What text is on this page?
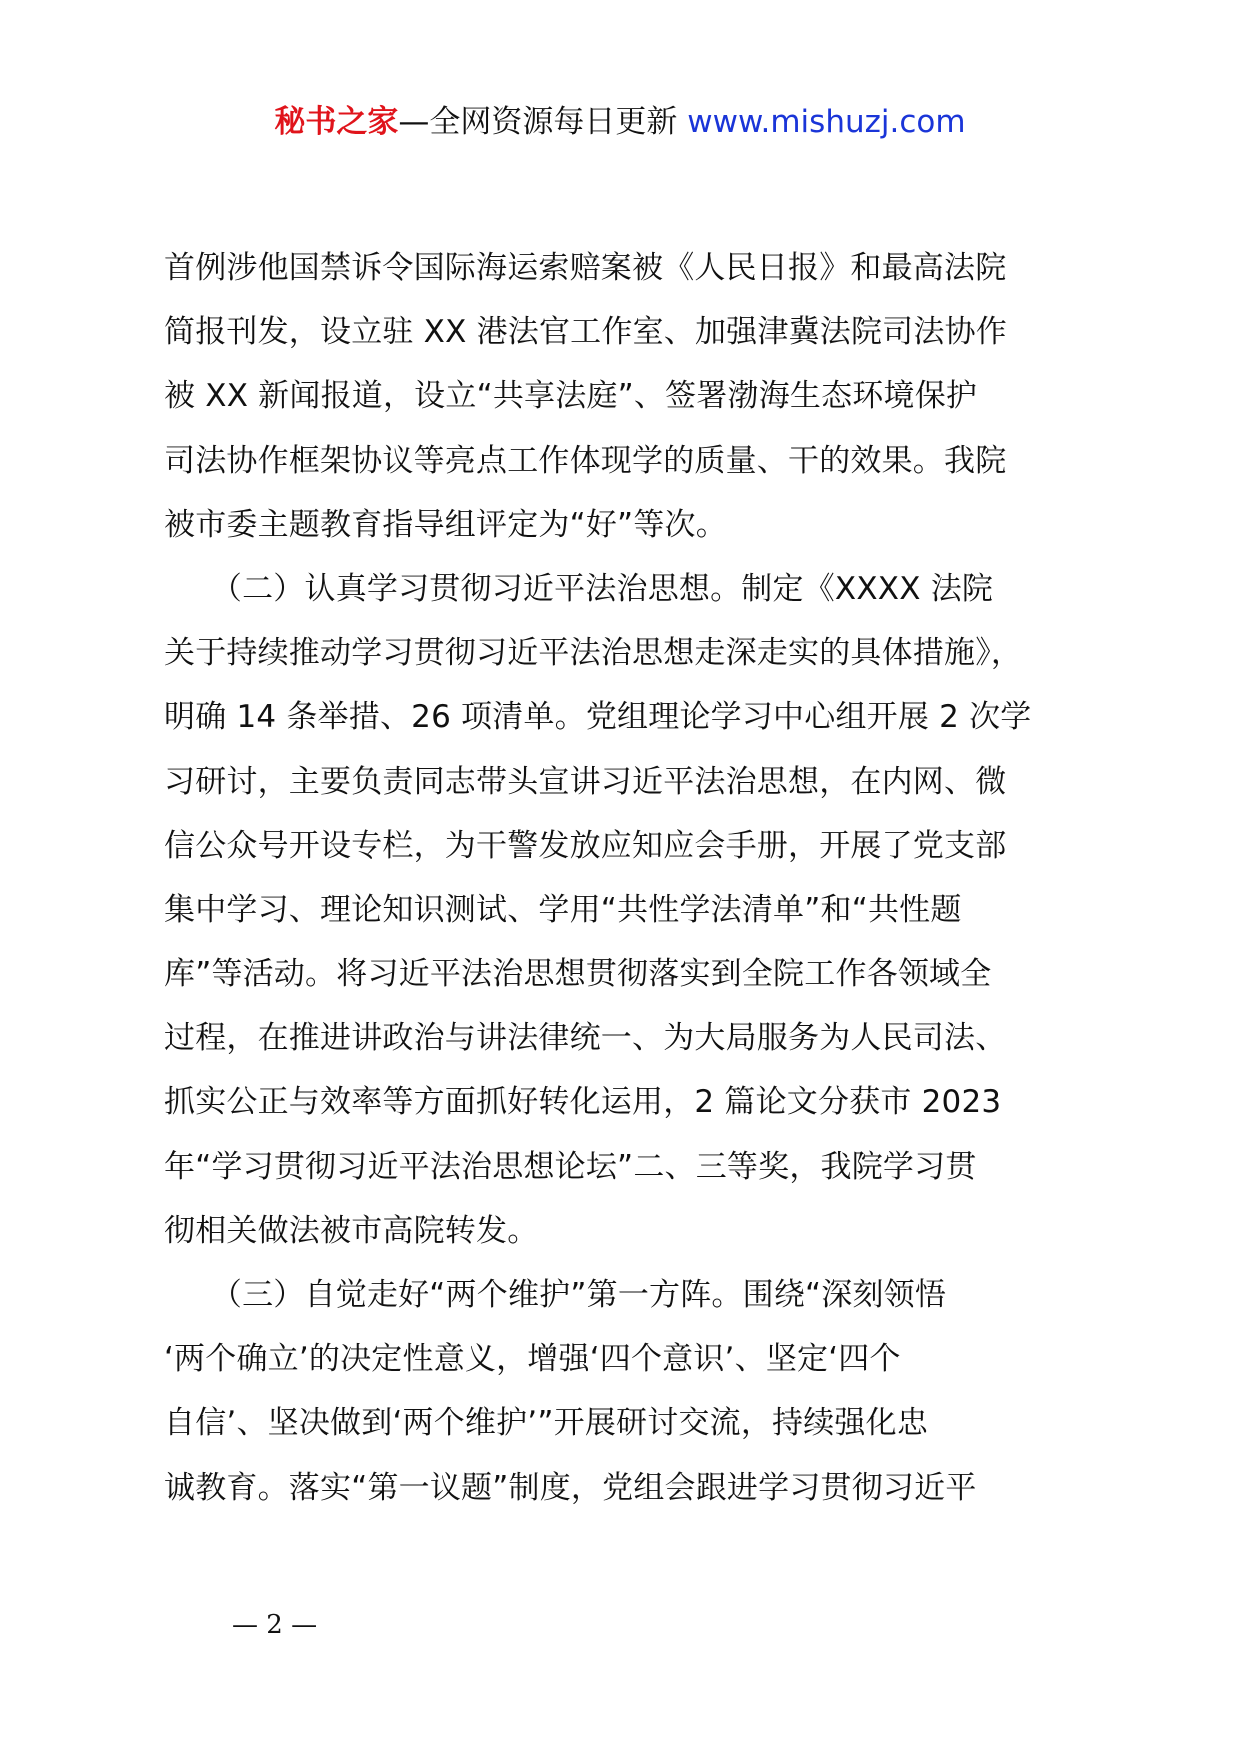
秘书之家—全网资源每日更新 www.mishuzj.com
首例涉他国禁诉令国际海运索赔案被《人民日报》和最高法院
简报刊发，设立驻 XX 港法官工作室、加强津冀法院司法协作
被 XX 新闻报道，设立“共享法庭”、签署渤海生态环境保护
司法协作框架协议等亮点工作体现学的质量、干的效果。我院
被市委主题教育指导组评定为“好”等次。
　　（二）认真学习贯彻习近平法治思想。制定《XXXX 法院
关于持续推动学习贯彻习近平法治思想走深走实的具体措施》，
明确 14 条举措、26 项清单。党组理论学习中心组开展 2 次学
习研讨，主要负责同志带头宣讲习近平法治思想，在内网、微
信公众号开设专栏，为干警发放应知应会手册，开展了党支部
集中学习、理论知识测试、学用“共性学法清单”和“共性题
库”等活动。将习近平法治思想贯彻落实到全院工作各领域全
过程，在推进讲政治与讲法律统一、为大局服务为人民司法、
抓实公正与效率等方面抓好转化运用，2 篇论文分获市 2023
年“学习贯彻习近平法治思想论坛”二、三等奖，我院学习贯
彻相关做法被市高院转发。
　　（三）自觉走好“两个维护”第一方阵。围绕“深刻领悟
‘两个确立’的决定性意义，增强‘四个意识’、坚定‘四个
自信’、坚决做到‘两个维护’”开展研讨交流，持续强化忠
诚教育。落实“第一议题”制度，党组会跟进学习贯彻习近平
— 2 —
